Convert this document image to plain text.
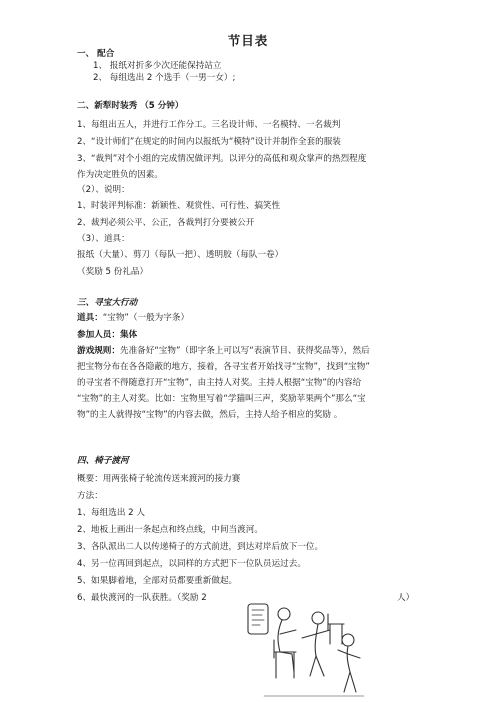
节目表
一、 配合
1、 报纸对折多少次还能保持站立
2、 每组选出 2 个选手（一男一女）;
二、新犁时装秀 （5 分钟）
1、每组出五人，并进行工作分工。三名设计师、一名模特、一名裁判
2、“设计师们”在规定的时间内以报纸为“模特”设计并制作全套的服装
3、“裁判”对个小组的完成情况做评判。以评分的高低和观众掌声的热烈程度
作为决定胜负的因素。
（2）、说明：
1、时装评判标准：新颖性、观赏性、可行性、搞笑性
2、裁判必须公平、公正，各裁判打分要被公开
（3）、道具：
报纸（大量）、剪刀（每队一把）、透明胶（每队一卷）
（奖励 5 份礼品）
三、寻宝大行动
道具：“宝物”（一般为字条）
参加人员：集体
游戏规则：先准备好“宝物”（即字条上可以写“表演节目、获得奖品等），然后
把宝物分布在各各隐蔽的地方，接着，各寻宝者开始找寻“宝物”，找到“宝物”
的寻宝者不得随意打开“宝物”，由主持人对奖。主持人根据“宝物”的内容给
“宝物”的主人对奖。比如：宝物里写着“学猫叫三声，奖励苹果两个”那么“宝
物”的主人就得按“宝物”的内容去做，然后，主持人给予相应的奖励 。
四、椅子渡河
概要：用两张椅子轮流传送来渡河的接力赛
方法：
1、每组选出 2 人
2、地板上画出一条起点和终点线，中间当渡河。
3、各队派出二人以传递椅子的方式前进，到达对岸后放下一位。
4、另一位再回到起点，以同样的方式把下一位队员运过去。
5、如果脚着地，全部对员都要重新做起。
6、最快渡河的一队获胜。（奖励 2	人）
